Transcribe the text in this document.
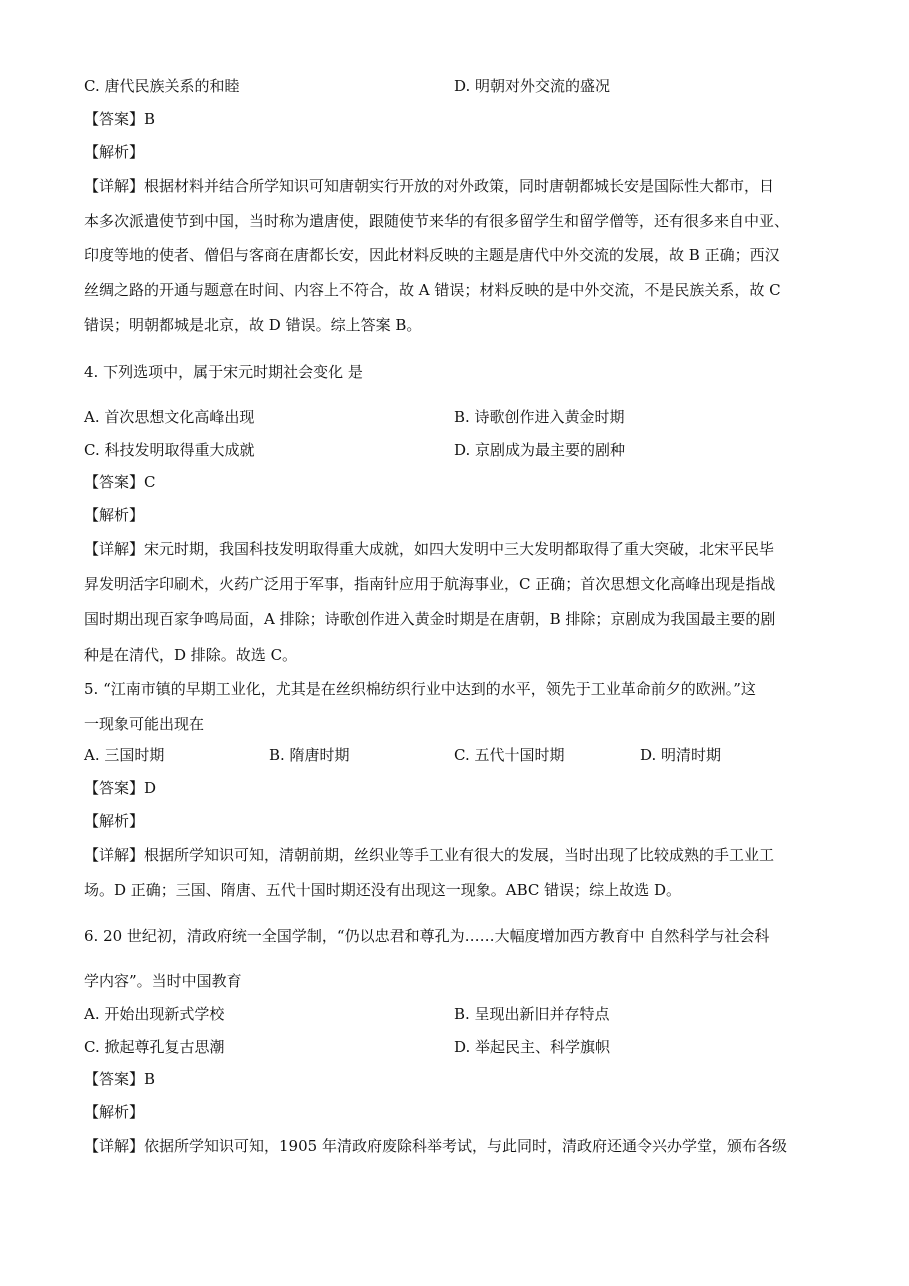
C. 唐代民族关系的和睦	D. 明朝对外交流的盛况
【答案】B
【解析】
【详解】根据材料并结合所学知识可知唐朝实行开放的对外政策，同时唐朝都城长安是国际性大都市，日
本多次派遣使节到中国，当时称为遣唐使，跟随使节来华的有很多留学生和留学僧等，还有很多来自中亚、
印度等地的使者、僧侣与客商在唐都长安，因此材料反映的主题是唐代中外交流的发展，故 B 正确；西汉
丝绸之路的开通与题意在时间、内容上不符合，故 A 错误；材料反映的是中外交流，不是民族关系，故 C
错误；明朝都城是北京，故 D 错误。综上答案 B。
4. 下列选项中，属于宋元时期社会变化 是
A. 首次思想文化高峰出现	B. 诗歌创作进入黄金时期
C. 科技发明取得重大成就	D. 京剧成为最主要的剧种
【答案】C
【解析】
【详解】宋元时期，我国科技发明取得重大成就，如四大发明中三大发明都取得了重大突破，北宋平民毕
昇发明活字印刷术，火药广泛用于军事，指南针应用于航海事业，C 正确；首次思想文化高峰出现是指战
国时期出现百家争鸣局面，A 排除；诗歌创作进入黄金时期是在唐朝，B 排除；京剧成为我国最主要的剧
种是在清代，D 排除。故选 C。
5. “江南市镇的早期工业化，尤其是在丝织棉纺织行业中达到的水平，领先于工业革命前夕的欧洲。”这
一现象可能出现在
A. 三国时期	B. 隋唐时期	C. 五代十国时期	D. 明清时期
【答案】D
【解析】
【详解】根据所学知识可知，清朝前期，丝织业等手工业有很大的发展，当时出现了比较成熟的手工业工
场。D 正确；三国、隋唐、五代十国时期还没有出现这一现象。ABC 错误；综上故选 D。
6. 20 世纪初，清政府统一全国学制，“仍以忠君和尊孔为……大幅度增加西方教育中 自然科学与社会科
学内容”。当时中国教育
A. 开始出现新式学校	B. 呈现出新旧并存特点
C. 掀起尊孔复古思潮	D. 举起民主、科学旗帜
【答案】B
【解析】
【详解】依据所学知识可知，1905 年清政府废除科举考试，与此同时，清政府还通令兴办学堂，颁布各级
